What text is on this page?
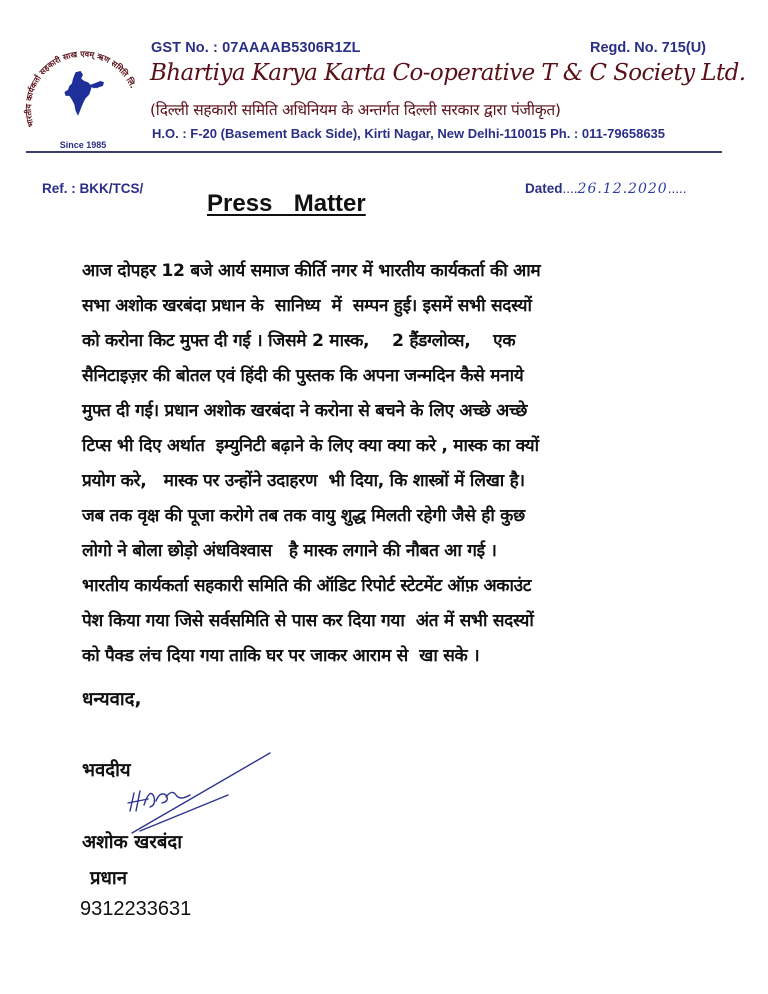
भारतीय कार्यकर्ता सहकारी साख एवम् ऋण समिति लि.
Since 1985
GST No. : 07AAAAB5306R1ZL	Regd. No. 715(U)
Bhartiya Karya Karta Co-operative T & C Society Ltd.
(दिल्ली सहकारी समिति अधिनियम के अन्तर्गत दिल्ली सरकार द्वारा पंजीकृत)
H.O. : F-20 (Basement Back Side), Kirti Nagar, New Delhi-110015 Ph. : 011-79658635
Ref. : BKK/TCS/
Press  Matter
Dated....26.12.2020.....
आज दोपहर 12 बजे आर्य समाज कीर्ति नगर में भारतीय कार्यकर्ता की आम
सभा अशोक खरबंदा प्रधान के  सानिध्य  में  सम्पन हुई। इसमें सभी सदस्यों
को करोना किट मुफ्त दी गई । जिसमे 2 मास्क,    2 हैंडग्लोव्स,    एक
सैनिटाइज़र की बोतल एवं हिंदी की पुस्तक कि अपना जन्मदिन कैसे मनाये
मुफ्त दी गई। प्रधान अशोक खरबंदा ने करोना से बचने के लिए अच्छे अच्छे
टिप्स भी दिए अर्थात  इम्युनिटी बढ़ाने के लिए क्या क्या करे , मास्क का क्यों
प्रयोग करे,   मास्क पर उन्होंने उदाहरण  भी दिया, कि शास्त्रों में लिखा है।
जब तक वृक्ष की पूजा करोगे तब तक वायु शुद्ध मिलती रहेगी जैसे ही कुछ
लोगो ने बोला छोड़ो अंधविश्वास   है मास्क लगाने की नौबत आ गई ।
भारतीय कार्यकर्ता सहकारी समिति की ऑडिट रिपोर्ट स्टेटमेंट ऑफ़ अकाउंट
पेश किया गया जिसे सर्वसमिति से पास कर दिया गया  अंत में सभी सदस्यों
को पैक्ड लंच दिया गया ताकि घर पर जाकर आराम से  खा सके ।
धन्यवाद,
भवदीय
अशोक खरबंदा
प्रधान
9312233631
